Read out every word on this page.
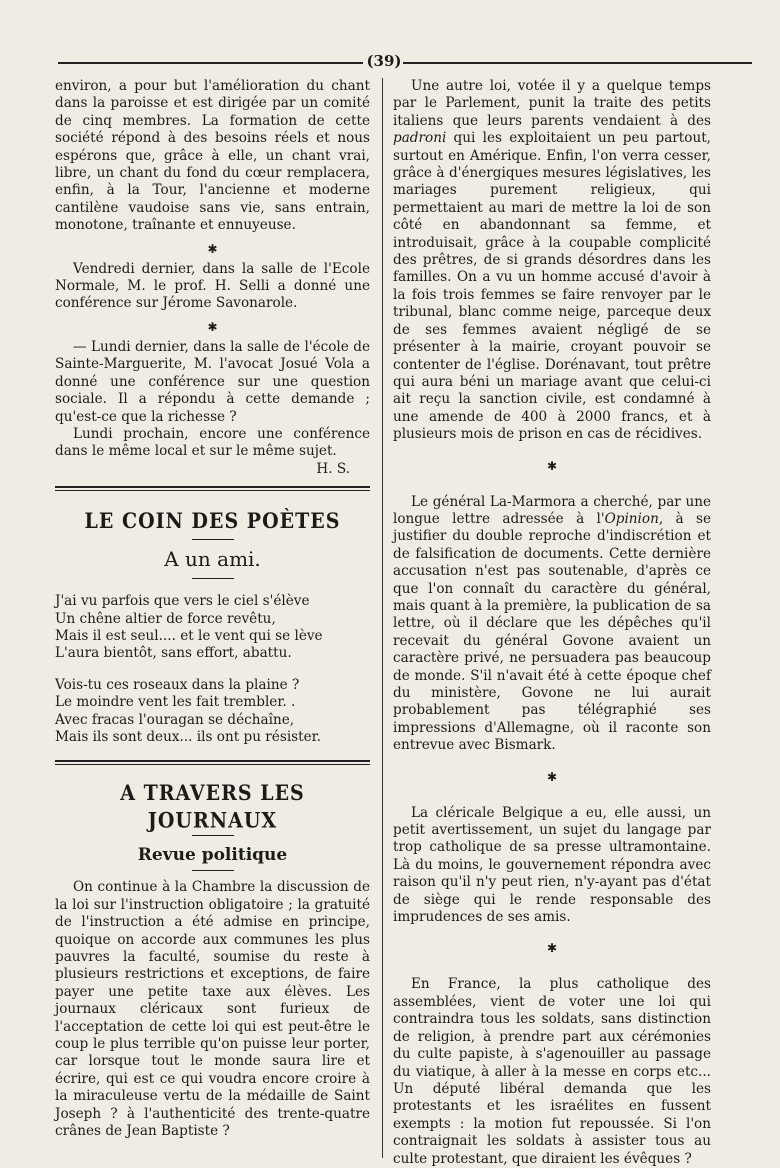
(39)

environ, a pour but l'amélioration du chant dans la paroisse et est dirigée par un comité de cinq membres. La formation de cette société répond à des besoins réels et nous espérons que, grâce à elle, un chant vrai, libre, un chant du fond du cœur remplacera, enfin, à la Tour, l'ancienne et moderne cantilène vaudoise sans vie, sans entrain, monotone, traînante et ennuyeuse.

✱

Vendredi dernier, dans la salle de l'Ecole Normale, M. le prof. H. Selli a donné une conférence sur Jérome Savonarole.

✱

— Lundi dernier, dans la salle de l'école de Sainte-Marguerite, M. l'avocat Josué Vola a donné une conférence sur une question sociale. Il a répondu à cette demande ; qu'est-ce que la richesse ?

Lundi prochain, encore une conférence dans le même local et sur le même sujet.

H. S.

LE COIN DES POÈTES
A un ami.
J'ai vu parfois que vers le ciel s'élève
Un chêne altier de force revêtu,
Mais il est seul.... et le vent qui se lève
L'aura bientôt, sans effort, abattu.
Vois-tu ces roseaux dans la plaine ?
Le moindre vent les fait trembler. .
Avec fracas l'ouragan se déchaîne,
Mais ils sont deux... ils ont pu résister.
A TRAVERS LES JOURNAUX
Revue politique

On continue à la Chambre la discussion de la loi sur l'instruction obligatoire ; la gratuité de l'instruction a été admise en principe, quoique on accorde aux communes les plus pauvres la faculté, soumise du reste à plusieurs restrictions et exceptions, de faire payer une petite taxe aux élèves. Les journaux cléricaux sont furieux de l'acceptation de cette loi qui est peut-être le coup le plus terrible qu'on puisse leur porter, car lorsque tout le monde saura lire et écrire, qui est ce qui voudra encore croire à la miraculeuse vertu de la médaille de Saint Joseph ? à l'authenticité des trente-quatre crânes de Jean Baptiste ?

Une autre loi, votée il y a quelque temps par le Parlement, punit la traite des petits italiens que leurs parents vendaient à des padroni qui les exploitaient un peu partout, surtout en Amérique. Enfin, l'on verra cesser, grâce à d'énergiques mesures législatives, les mariages purement religieux, qui permettaient au mari de mettre la loi de son côté en abandonnant sa femme, et introduisait, grâce à la coupable complicité des prêtres, de si grands désordres dans les familles. On a vu un homme accusé d'avoir à la fois trois femmes se faire renvoyer par le tribunal, blanc comme neige, parceque deux de ses femmes avaient négligé de se présenter à la mairie, croyant pouvoir se contenter de l'église. Dorénavant, tout prêtre qui aura béni un mariage avant que celui-ci ait reçu la sanction civile, est condamné à une amende de 400 à 2000 francs, et à plusieurs mois de prison en cas de récidives.

✱

Le général La-Marmora a cherché, par une longue lettre adressée à l'Opinion, à se justifier du double reproche d'indiscrétion et de falsification de documents. Cette dernière accusation n'est pas soutenable, d'après ce que l'on connaît du caractère du général, mais quant à la première, la publication de sa lettre, où il déclare que les dépêches qu'il recevait du général Govone avaient un caractère privé, ne persuadera pas beaucoup de monde. S'il n'avait été à cette époque chef du ministère, Govone ne lui aurait probablement pas télégraphié ses impressions d'Allemagne, où il raconte son entrevue avec Bismark.

✱

La cléricale Belgique a eu, elle aussi, un petit avertissement, un sujet du langage par trop catholique de sa presse ultramontaine. Là du moins, le gouvernement répondra avec raison qu'il n'y peut rien, n'y-ayant pas d'état de siège qui le rende responsable des imprudences de ses amis.

✱

En France, la plus catholique des assemblées, vient de voter une loi qui contraindra tous les soldats, sans distinction de religion, à prendre part aux cérémonies du culte papiste, à s'agenouiller au passage du viatique, à aller à la messe en corps etc... Un député libéral demanda que les protestants et les israélites en fussent exempts : la motion fut repoussée. Si l'on contraignait les soldats à assister tous au culte protestant, que diraient les évêques ?
